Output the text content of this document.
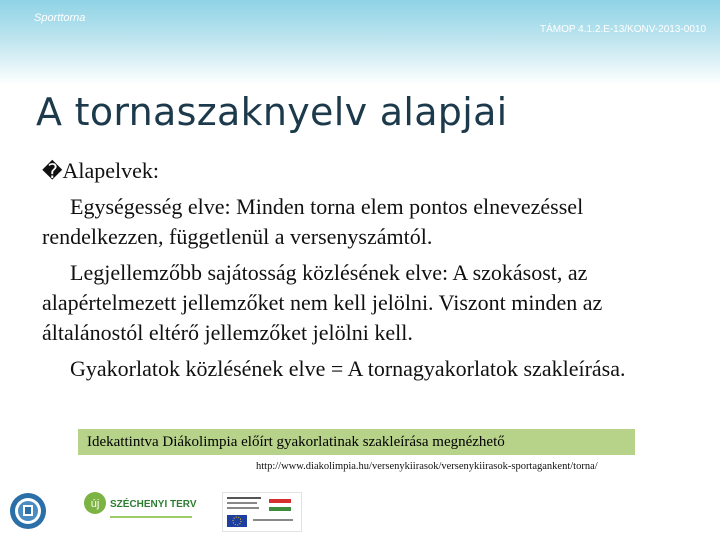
Sporttorna
TÁMOP 4.1.2.E-13/KONV-2013-0010
A tornaszaknyelv alapjai

�Alapelvek:

Egységesség elve: Minden torna elem pontos elnevezéssel rendelkezzen, függetlenül a versenyszámtól.

Legjellemzőbb sajátosság közlésének elve: A szokásost, az alapértelmezett jellemzőket nem kell jelölni. Viszont minden az általánostól eltérő jellemzőket jelölni kell.

Gyakorlatok közlésének elve = A tornagyakorlatok szakleírása.

Idekattintva Diákolimpia előírt gyakorlatinak szakleírása megnézhető
http://www.diakolimpia.hu/versenykiirasok/versenykiirasok-sportagankent/torna/
új SZÉCHENYI TERV
